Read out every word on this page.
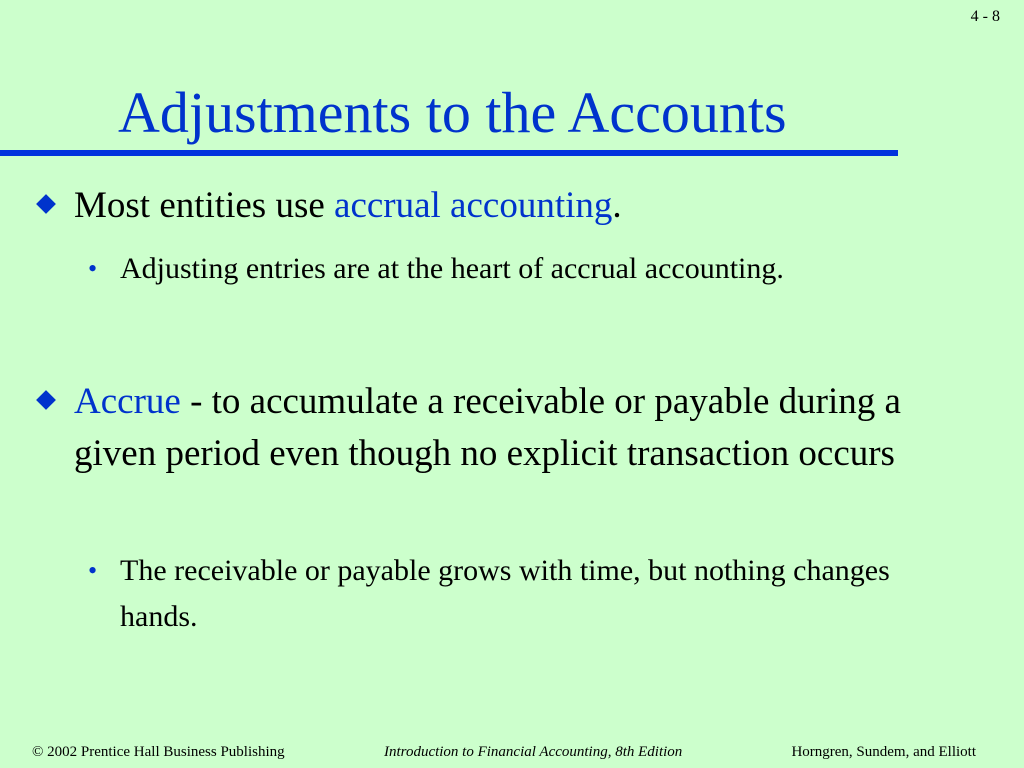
4 - 8
Adjustments to the Accounts

Most entities use accrual accounting.

• Adjusting entries are at the heart of accrual accounting.

Accrue - to accumulate a receivable or payable during a given period even though no explicit transaction occurs

• The receivable or payable grows with time, but nothing changes hands.

© 2002 Prentice Hall Business Publishing	Introduction to Financial Accounting, 8th Edition	Horngren, Sundem, and Elliott
